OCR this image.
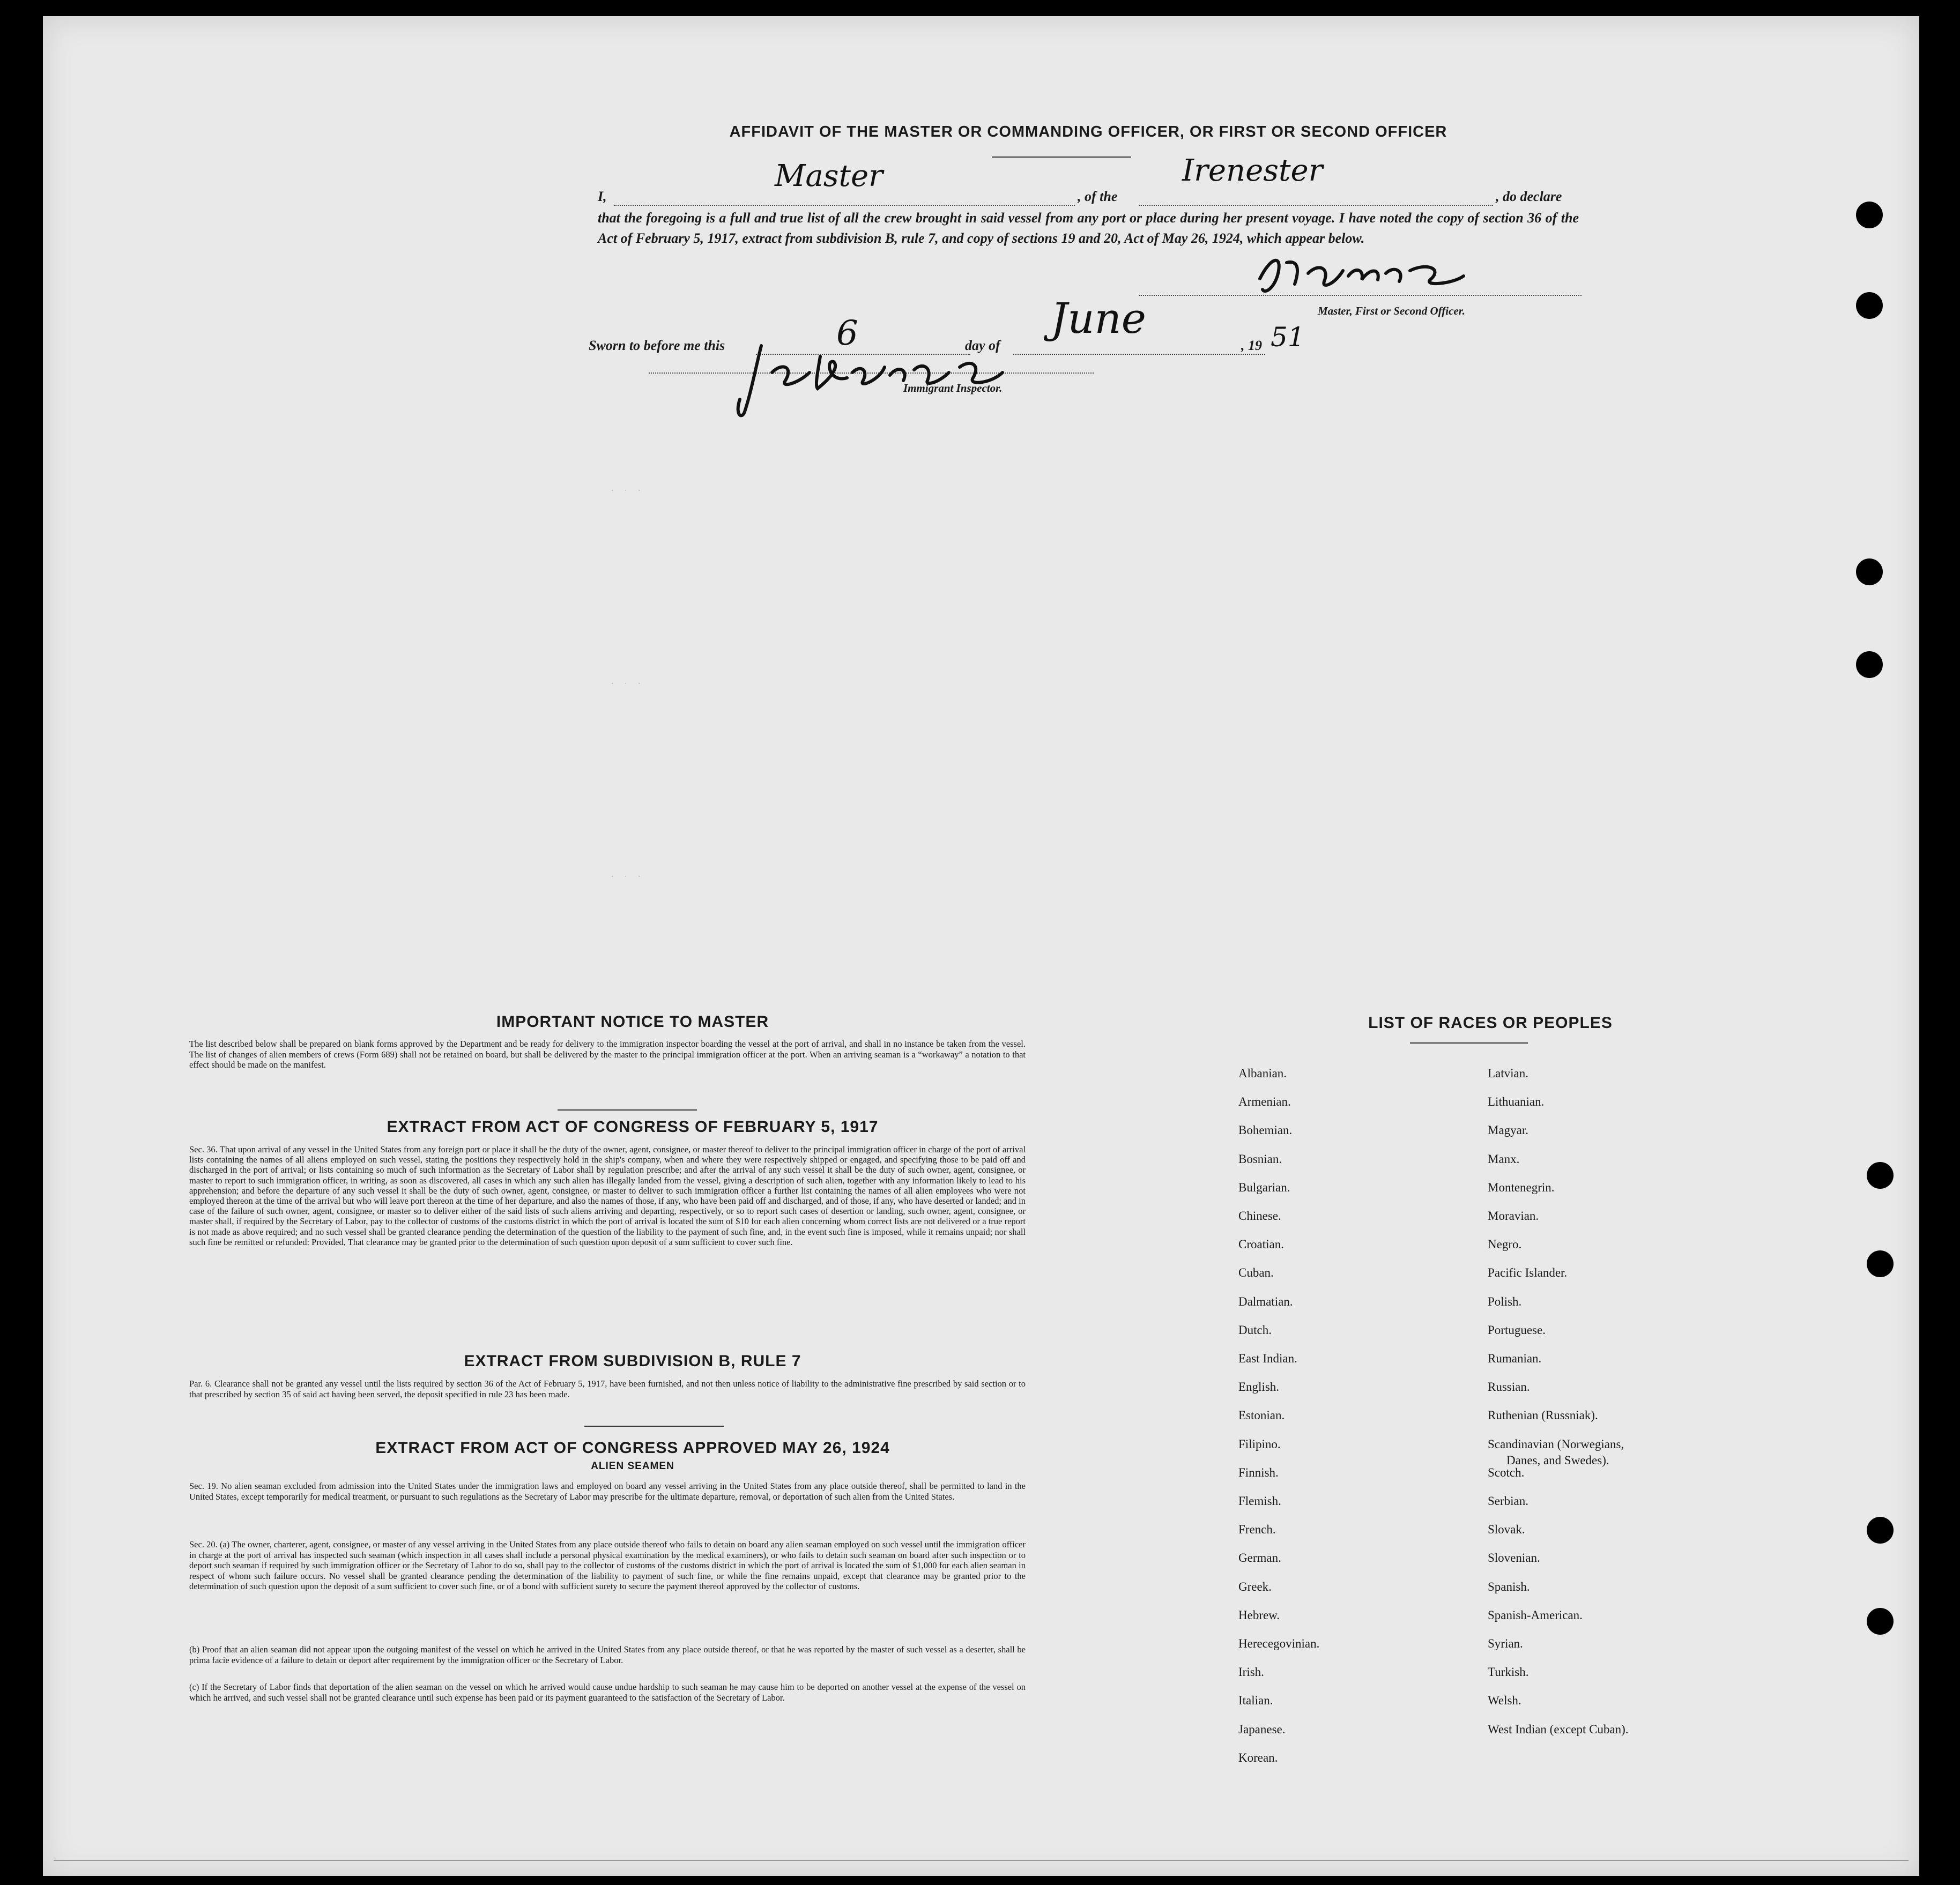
AFFIDAVIT OF THE MASTER OR COMMANDING OFFICER, OR FIRST OR SECOND OFFICER
I,
Master
, of the
Irenester
, do declare
that the foregoing is a full and true list of all the crew brought in said vessel from any port or place during her present voyage. I have noted the copy of section 36 of the Act of February 5, 1917, extract from subdivision B, rule 7, and copy of sections 19 and 20, Act of May 26, 1924, which appear below.
Master, First or Second Officer.
Sworn to before me this	6	day of
June
, 19 51
Immigrant Inspector.
. . .
. . .
. . .
IMPORTANT NOTICE TO MASTER
The list described below shall be prepared on blank forms approved by the Department and be ready for delivery to the immigration inspector boarding the vessel at the port of arrival, and shall in no instance be taken from the vessel. The list of changes of alien members of crews (Form 689) shall not be retained on board, but shall be delivered by the master to the principal immigration officer at the port. When an arriving seaman is a “workaway” a notation to that effect should be made on the manifest.
EXTRACT FROM ACT OF CONGRESS OF FEBRUARY 5, 1917
Sec. 36. That upon arrival of any vessel in the United States from any foreign port or place it shall be the duty of the owner, agent, consignee, or master thereof to deliver to the principal immigration officer in charge of the port of arrival lists containing the names of all aliens employed on such vessel, stating the positions they respectively hold in the ship's company, when and where they were respectively shipped or engaged, and specifying those to be paid off and discharged in the port of arrival; or lists containing so much of such information as the Secretary of Labor shall by regulation prescribe; and after the arrival of any such vessel it shall be the duty of such owner, agent, consignee, or master to report to such immigration officer, in writing, as soon as discovered, all cases in which any such alien has illegally landed from the vessel, giving a description of such alien, together with any information likely to lead to his apprehension; and before the departure of any such vessel it shall be the duty of such owner, agent, consignee, or master to deliver to such immigration officer a further list containing the names of all alien employees who were not employed thereon at the time of the arrival but who will leave port thereon at the time of her departure, and also the names of those, if any, who have been paid off and discharged, and of those, if any, who have deserted or landed; and in case of the failure of such owner, agent, consignee, or master so to deliver either of the said lists of such aliens arriving and departing, respectively, or so to report such cases of desertion or landing, such owner, agent, consignee, or master shall, if required by the Secretary of Labor, pay to the collector of customs of the customs district in which the port of arrival is located the sum of $10 for each alien concerning whom correct lists are not delivered or a true report is not made as above required; and no such vessel shall be granted clearance pending the determination of the question of the liability to the payment of such fine, and, in the event such fine is imposed, while it remains unpaid; nor shall such fine be remitted or refunded: Provided, That clearance may be granted prior to the determination of such question upon deposit of a sum sufficient to cover such fine.
EXTRACT FROM SUBDIVISION B, RULE 7
Par. 6. Clearance shall not be granted any vessel until the lists required by section 36 of the Act of February 5, 1917, have been furnished, and not then unless notice of liability to the administrative fine prescribed by said section or to that prescribed by section 35 of said act having been served, the deposit specified in rule 23 has been made.
EXTRACT FROM ACT OF CONGRESS APPROVED MAY 26, 1924
ALIEN SEAMEN
Sec. 19. No alien seaman excluded from admission into the United States under the immigration laws and employed on board any vessel arriving in the United States from any place outside thereof, shall be permitted to land in the United States, except temporarily for medical treatment, or pursuant to such regulations as the Secretary of Labor may prescribe for the ultimate departure, removal, or deportation of such alien from the United States.
Sec. 20. (a) The owner, charterer, agent, consignee, or master of any vessel arriving in the United States from any place outside thereof who fails to detain on board any alien seaman employed on such vessel until the immigration officer in charge at the port of arrival has inspected such seaman (which inspection in all cases shall include a personal physical examination by the medical examiners), or who fails to detain such seaman on board after such inspection or to deport such seaman if required by such immigration officer or the Secretary of Labor to do so, shall pay to the collector of customs of the customs district in which the port of arrival is located the sum of $1,000 for each alien seaman in respect of whom such failure occurs. No vessel shall be granted clearance pending the determination of the liability to payment of such fine, or while the fine remains unpaid, except that clearance may be granted prior to the determination of such question upon the deposit of a sum sufficient to cover such fine, or of a bond with sufficient surety to secure the payment thereof approved by the collector of customs.
(b) Proof that an alien seaman did not appear upon the outgoing manifest of the vessel on which he arrived in the United States from any place outside thereof, or that he was reported by the master of such vessel as a deserter, shall be prima facie evidence of a failure to detain or deport after requirement by the immigration officer or the Secretary of Labor.
(c) If the Secretary of Labor finds that deportation of the alien seaman on the vessel on which he arrived would cause undue hardship to such seaman he may cause him to be deported on another vessel at the expense of the vessel on which he arrived, and such vessel shall not be granted clearance until such expense has been paid or its payment guaranteed to the satisfaction of the Secretary of Labor.
LIST OF RACES OR PEOPLES
Albanian.
Armenian.
Bohemian.
Bosnian.
Bulgarian.
Chinese.
Croatian.
Cuban.
Dalmatian.
Dutch.
East Indian.
English.
Estonian.
Filipino.
Finnish.
Flemish.
French.
German.
Greek.
Hebrew.
Herecegovinian.
Irish.
Italian.
Japanese.
Korean.
Latvian.
Lithuanian.
Magyar.
Manx.
Montenegrin.
Moravian.
Negro.
Pacific Islander.
Polish.
Portuguese.
Rumanian.
Russian.
Ruthenian (Russniak).
Scandinavian (Norwegians,
Danes, and Swedes).
Scotch.
Serbian.
Slovak.
Slovenian.
Spanish.
Spanish-American.
Syrian.
Turkish.
Welsh.
West Indian (except Cuban).
